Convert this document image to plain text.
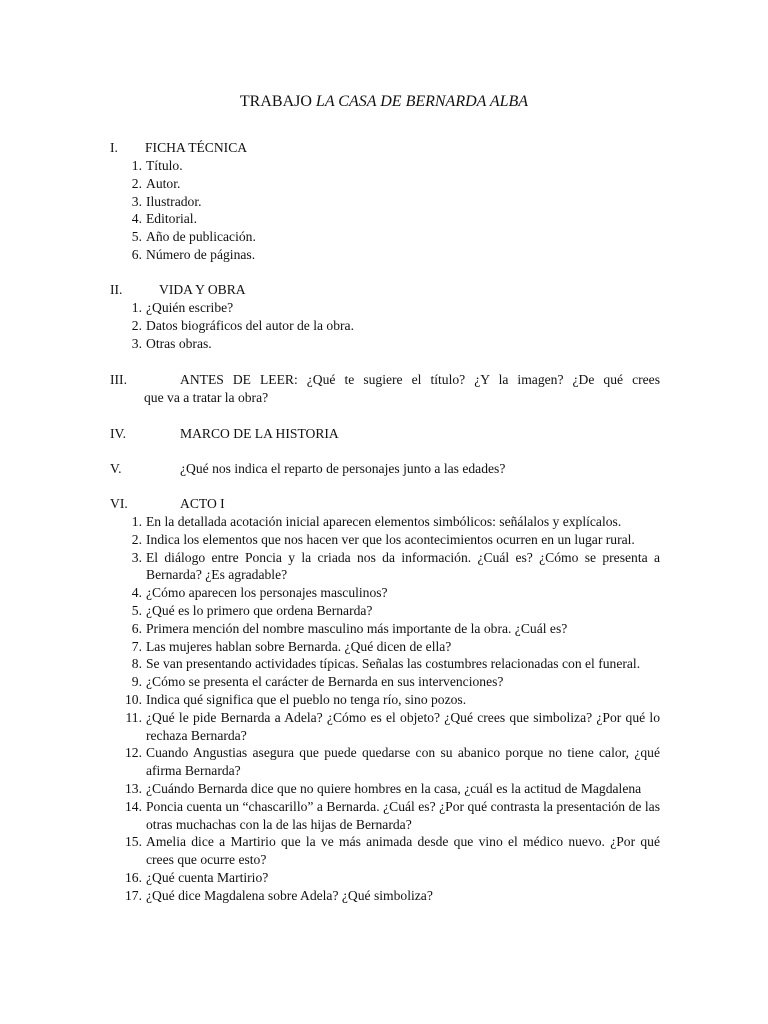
TRABAJO LA CASA DE BERNARDA ALBA
I. FICHA TÉCNICA
1. Título.
2. Autor.
3. Ilustrador.
4. Editorial.
5. Año de publicación.
6. Número de páginas.
II.	VIDA Y OBRA
1. ¿Quién escribe?
2. Datos biográficos del autor de la obra.
3. Otras obras.
III.	ANTES DE LEER: ¿Qué te sugiere el título? ¿Y la imagen? ¿De qué crees
que va a tratar la obra?
IV.	MARCO DE LA HISTORIA
V.	¿Qué nos indica el reparto de personajes junto a las edades?
VI.	ACTO I
1. En la detallada acotación inicial aparecen elementos simbólicos: señálalos y explícalos.
2. Indica los elementos que nos hacen ver que los acontecimientos ocurren en un lugar rural.
3. El diálogo entre Poncia y la criada nos da información. ¿Cuál es? ¿Cómo se presenta a Bernarda? ¿Es agradable?
4. ¿Cómo aparecen los personajes masculinos?
5. ¿Qué es lo primero que ordena Bernarda?
6. Primera mención del nombre masculino más importante de la obra. ¿Cuál es?
7. Las mujeres hablan sobre Bernarda. ¿Qué dicen de ella?
8. Se van presentando actividades típicas. Señalas las costumbres relacionadas con el funeral.
9. ¿Cómo se presenta el carácter de Bernarda en sus intervenciones?
10. Indica qué significa que el pueblo no tenga río, sino pozos.
11. ¿Qué le pide Bernarda a Adela? ¿Cómo es el objeto? ¿Qué crees que simboliza? ¿Por qué lo rechaza Bernarda?
12. Cuando Angustias asegura que puede quedarse con su abanico porque no tiene calor, ¿qué afirma Bernarda?
13. ¿Cuándo Bernarda dice que no quiere hombres en la casa, ¿cuál es la actitud de Magdalena
14. Poncia cuenta un “chascarillo” a Bernarda. ¿Cuál es? ¿Por qué contrasta la presentación de las otras muchachas con la de las hijas de Bernarda?
15. Amelia dice a Martirio que la ve más animada desde que vino el médico nuevo. ¿Por qué crees que ocurre esto?
16. ¿Qué cuenta Martirio?
17. ¿Qué dice Magdalena sobre Adela? ¿Qué simboliza?
